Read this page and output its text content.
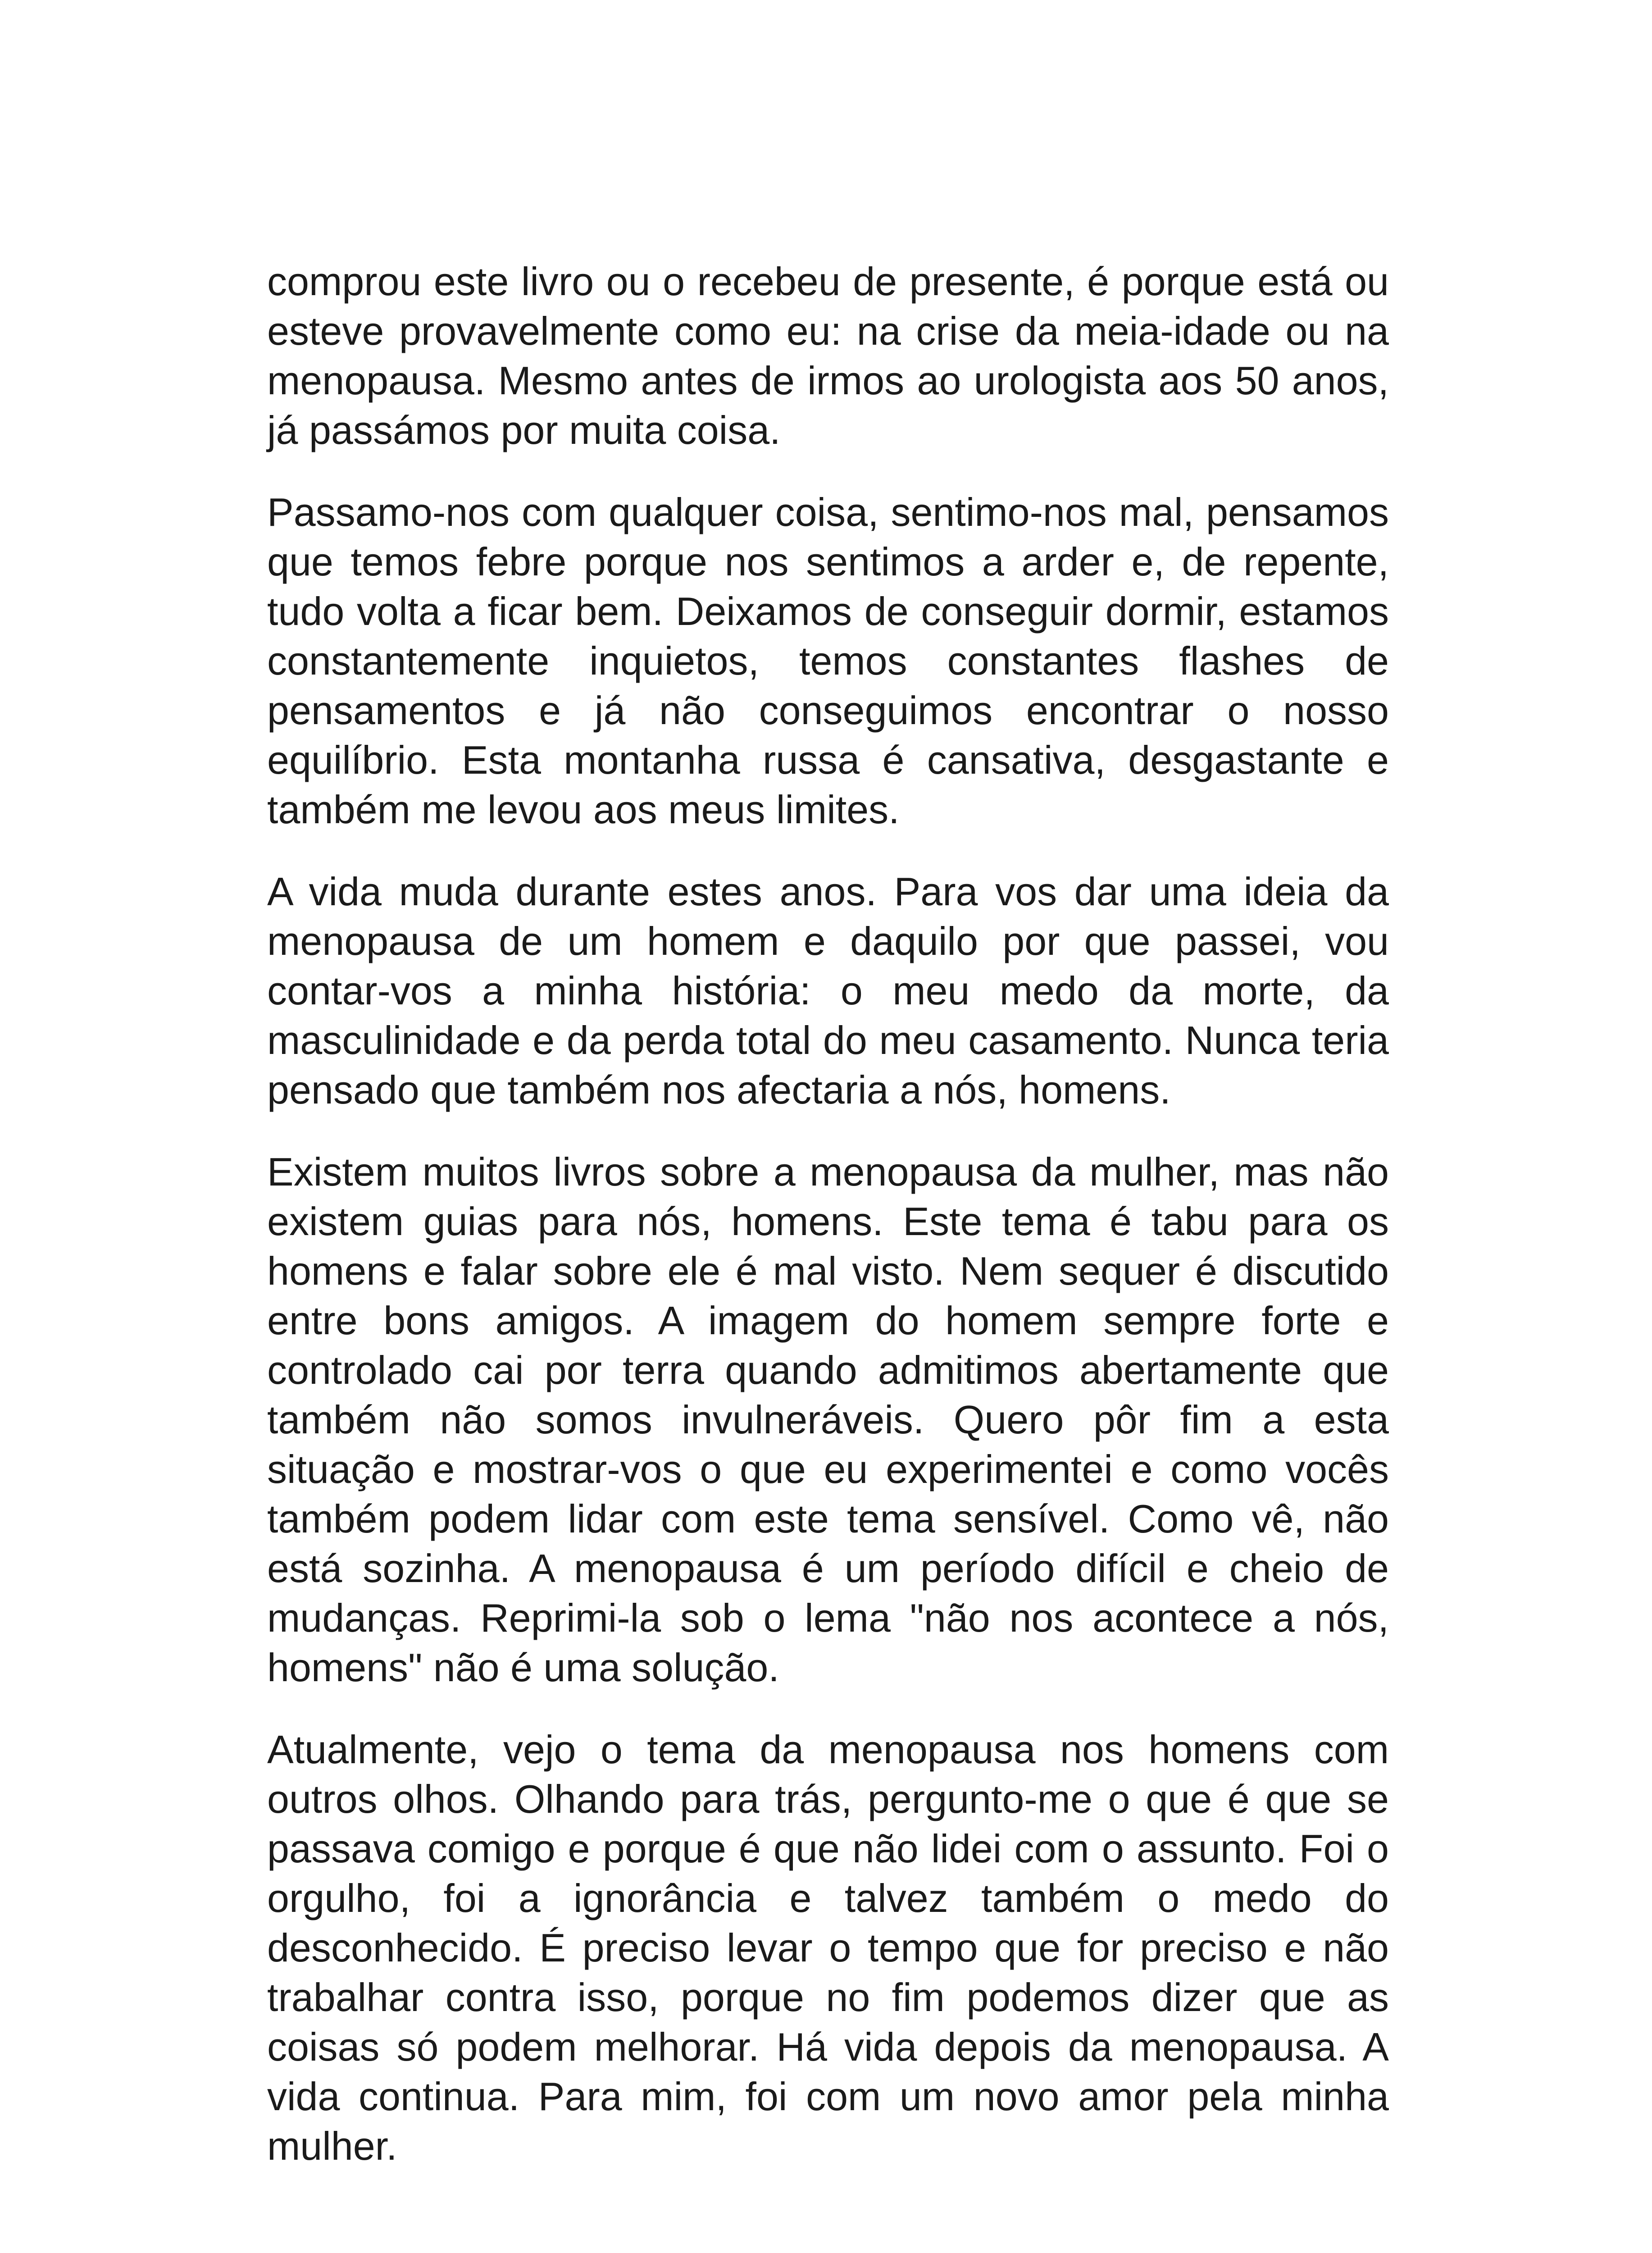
comprou este livro ou o recebeu de presente, é porque está ou esteve provavelmente como eu: na crise da meia-idade ou na menopausa. Mesmo antes de irmos ao urologista aos 50 anos, já passámos por muita coisa.

Passamo-nos com qualquer coisa, sentimo-nos mal, pensamos que temos febre porque nos sentimos a arder e, de repente, tudo volta a ficar bem. Deixamos de conseguir dormir, estamos constantemente inquietos, temos constantes flashes de pensamentos e já não conseguimos encontrar o nosso equilíbrio. Esta montanha russa é cansativa, desgastante e também me levou aos meus limites.

A vida muda durante estes anos. Para vos dar uma ideia da menopausa de um homem e daquilo por que passei, vou contar-vos a minha história: o meu medo da morte, da masculinidade e da perda total do meu casamento. Nunca teria pensado que também nos afectaria a nós, homens.

Existem muitos livros sobre a menopausa da mulher, mas não existem guias para nós, homens. Este tema é tabu para os homens e falar sobre ele é mal visto. Nem sequer é discutido entre bons amigos. A imagem do homem sempre forte e controlado cai por terra quando admitimos abertamente que também não somos invulneráveis. Quero pôr fim a esta situação e mostrar-vos o que eu experimentei e como vocês também podem lidar com este tema sensível. Como vê, não está sozinha. A menopausa é um período difícil e cheio de mudanças. Reprimi-la sob o lema "não nos acontece a nós, homens" não é uma solução.

Atualmente, vejo o tema da menopausa nos homens com outros olhos. Olhando para trás, pergunto-me o que é que se passava comigo e porque é que não lidei com o assunto. Foi o orgulho, foi a ignorância e talvez também o medo do desconhecido. É preciso levar o tempo que for preciso e não trabalhar contra isso, porque no fim podemos dizer que as coisas só podem melhorar. Há vida depois da menopausa. A vida continua. Para mim, foi com um novo amor pela minha mulher.
